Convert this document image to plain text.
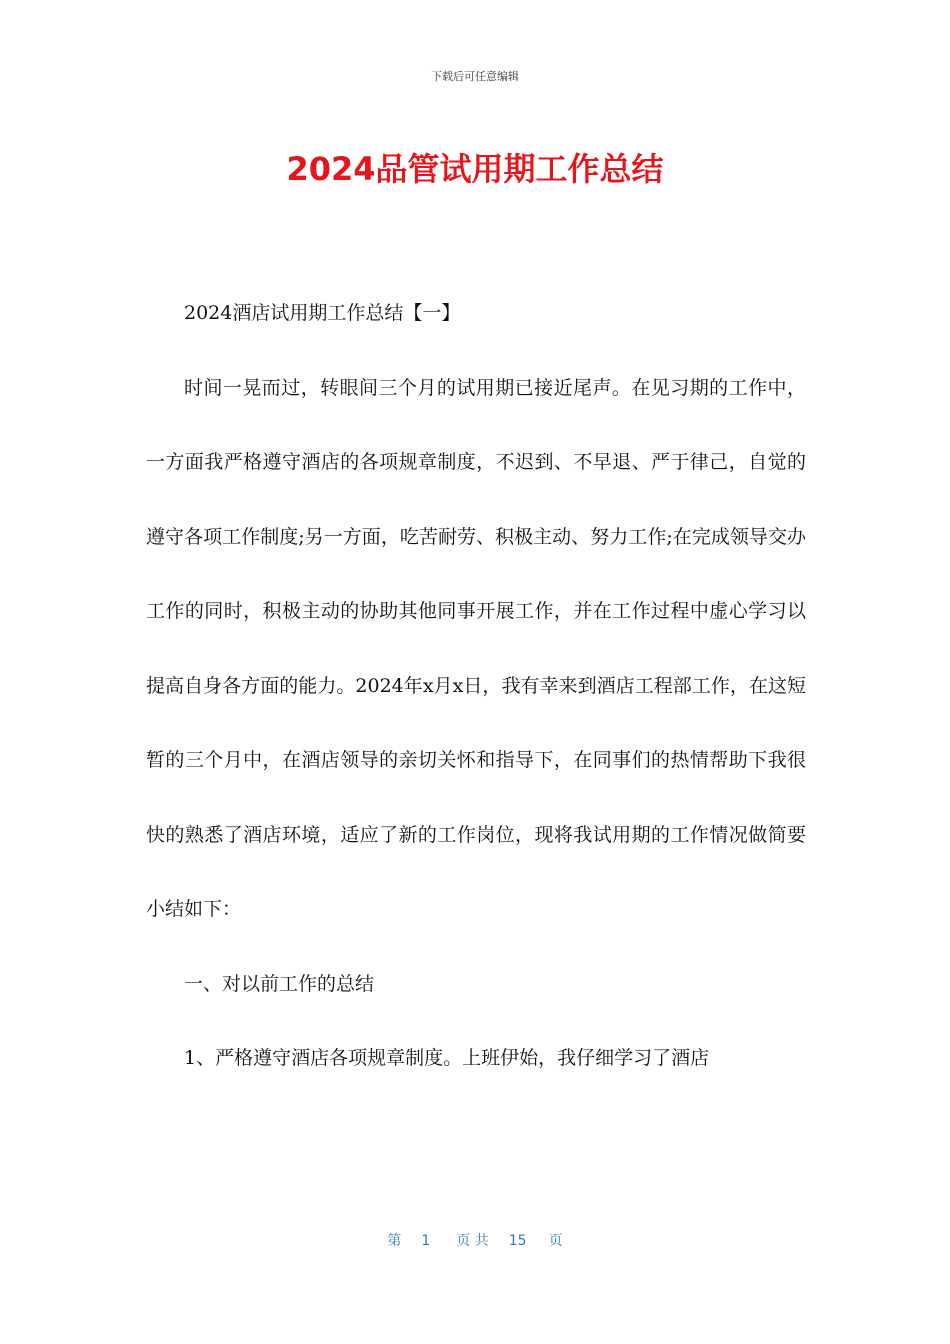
下载后可任意编辑
2024品管试用期工作总结

2024酒店试用期工作总结【一】

时间一晃而过，转眼间三个月的试用期已接近尾声。在见习期的工作中，一方面我严格遵守酒店的各项规章制度，不迟到、不早退、严于律己，自觉的遵守各项工作制度;另一方面，吃苦耐劳、积极主动、努力工作;在完成领导交办工作的同时，积极主动的协助其他同事开展工作，并在工作过程中虚心学习以提高自身各方面的能力。2024年x月x日，我有幸来到酒店工程部工作，在这短暂的三个月中，在酒店领导的亲切关怀和指导下，在同事们的热情帮助下我很快的熟悉了酒店环境，适应了新的工作岗位，现将我试用期的工作情况做简要小结如下：

一、对以前工作的总结

1、严格遵守酒店各项规章制度。上班伊始，我仔细学习了酒店

第 1 页 共 15 页
